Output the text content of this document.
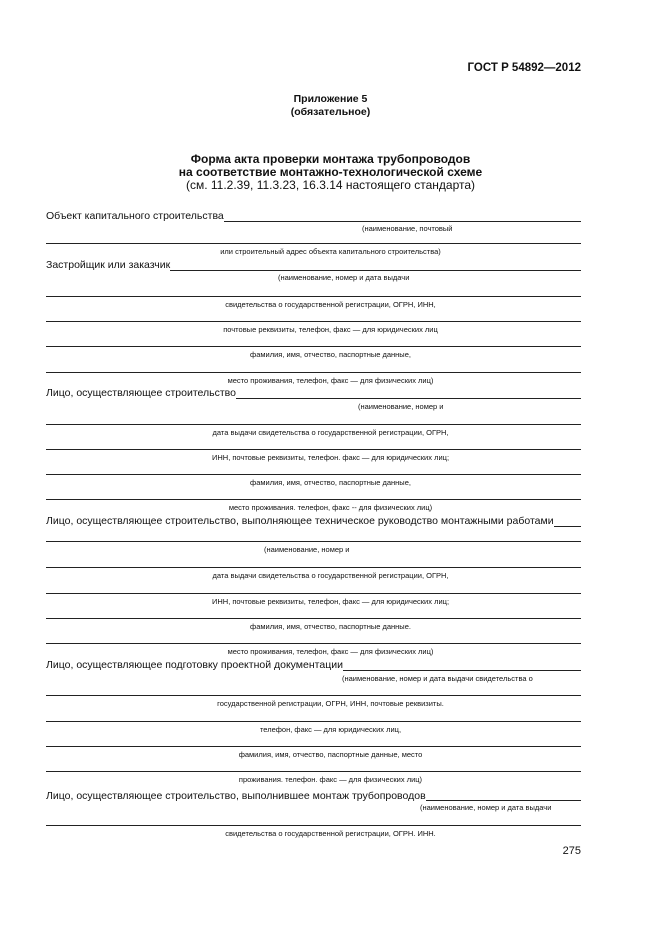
ГОСТ Р 54892—2012
Приложение 5
(обязательное)
Форма акта проверки монтажа трубопроводов
на соответствие монтажно-технологической схеме
(см. 11.2.39, 11.3.23, 16.3.14 настоящего стандарта)
Объект капитального строительства
(наименование, почтовый
или строительный адрес объекта капитального строительства)
Застройщик или заказчик
(наименование, номер и дата выдачи
свидетельства о государственной регистрации, ОГРН, ИНН,
почтовые реквизиты, телефон, факс — для юридических лиц
фамилия, имя, отчество, паспортные данные,
место проживания, телефон, факс — для физических лиц)
Лицо, осуществляющее строительство
(наименование, номер и
дата выдачи свидетельства о государственной регистрации, ОГРН,
ИНН, почтовые реквизиты, телефон. факс — для юридических лиц;
фамилия, имя, отчество, паспортные данные,
место проживания. телефон, факс -- для физических лиц)
Лицо, осуществляющее строительство, выполняющее техническое руководство монтажными работами
(наименование, номер и
дата выдачи свидетельства о государственной регистрации, ОГРН,
ИНН, почтовые реквизиты, телефон, факс — для юридических лиц;
фамилия, имя, отчество, паспортные данные.
место проживания, телефон, факс — для физических лиц)
Лицо, осуществляющее подготовку проектной документации
(наименование, номер и дата выдачи свидетельства о
государственной регистрации, ОГРН, ИНН, почтовые реквизиты.
телефон, факс — для юридических лиц,
фамилия, имя, отчество, паспортные данные, место
проживания. телефон. факс — для физических лиц)
Лицо, осуществляющее строительство, выполнившее монтаж трубопроводов
(наименование, номер и дата выдачи
свидетельства о государственной регистрации, ОГРН. ИНН.
275
